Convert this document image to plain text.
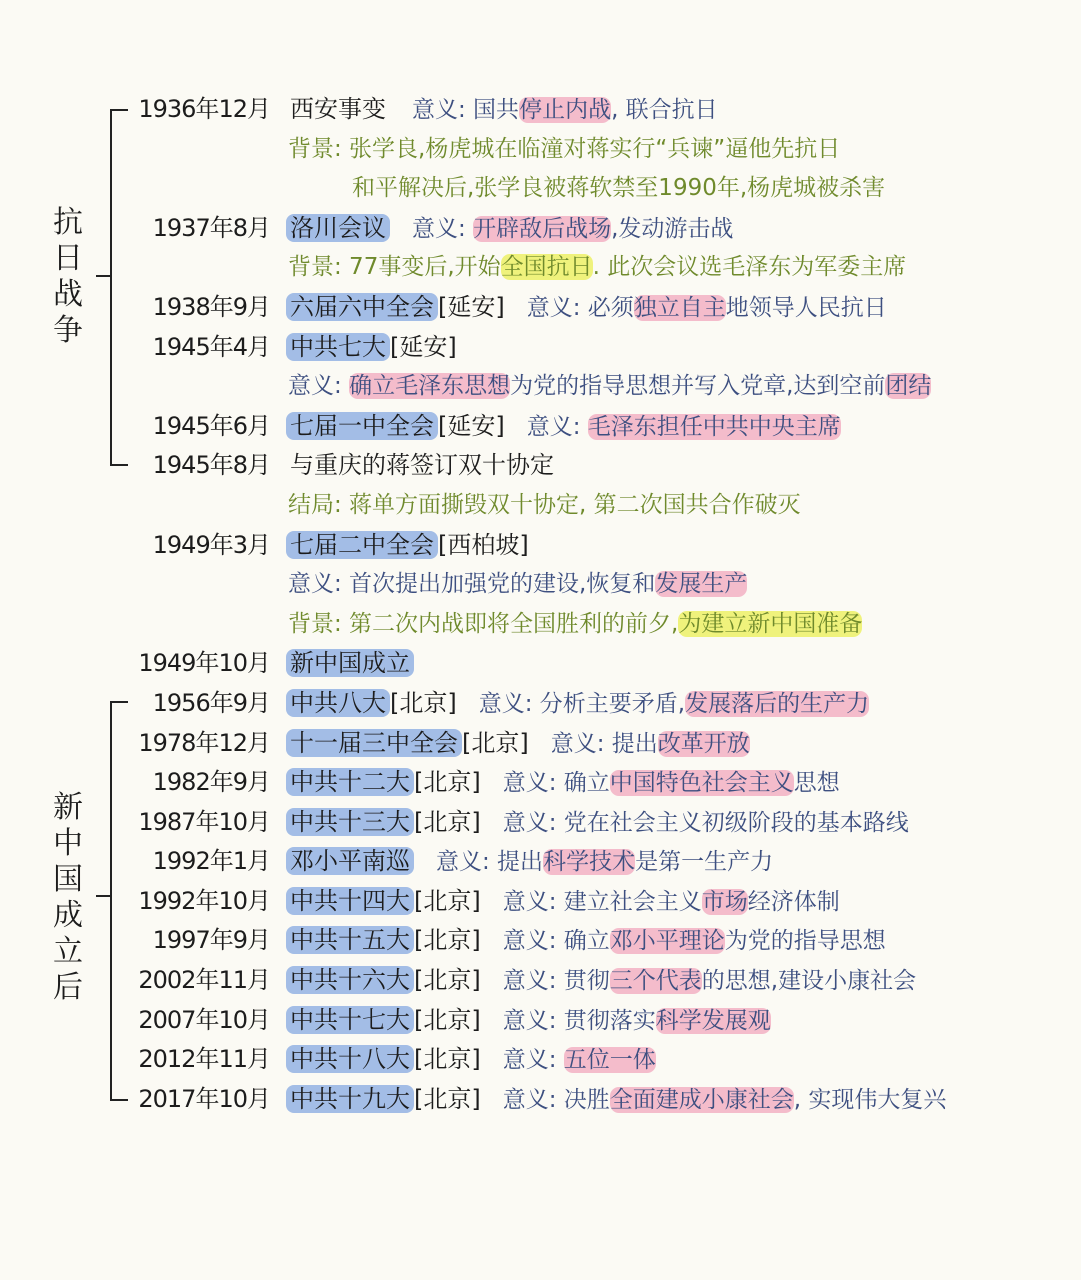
抗
日
战
争
新
中
国
成
立
后
1936年12月 西安事变 意义: 国共停止内战, 联合抗日
背景: 张学良,杨虎城在临潼对蒋实行“兵谏”逼他先抗日
和平解决后,张学良被蒋软禁至1990年,杨虎城被杀害
1937年8月 洛川会议 意义: 开辟敌后战场,发动游击战
背景: 77事变后,开始全国抗日. 此次会议选毛泽东为军委主席
1938年9月 六届六中全会 [延安] 意义: 必须独立自主地领导人民抗日
1945年4月 中共七大 [延安]
意义: 确立毛泽东思想为党的指导思想并写入党章,达到空前团结
1945年6月 七届一中全会 [延安] 意义: 毛泽东担任中共中央主席
1945年8月 与重庆的蒋签订双十协定
结局: 蒋单方面撕毁双十协定, 第二次国共合作破灭
1949年3月 七届二中全会 [西柏坡]
意义: 首次提出加强党的建设,恢复和发展生产
背景: 第二次内战即将全国胜利的前夕,为建立新中国准备
1949年10月 新中国成立
1956年9月 中共八大 [北京] 意义: 分析主要矛盾,发展落后的生产力
1978年12月 十一届三中全会 [北京] 意义: 提出改革开放
1982年9月 中共十二大 [北京] 意义: 确立中国特色社会主义思想
1987年10月 中共十三大 [北京] 意义: 党在社会主义初级阶段的基本路线
1992年1月 邓小平南巡 意义: 提出科学技术是第一生产力
1992年10月 中共十四大 [北京] 意义: 建立社会主义市场经济体制
1997年9月 中共十五大 [北京] 意义: 确立邓小平理论为党的指导思想
2002年11月 中共十六大 [北京] 意义: 贯彻三个代表的思想,建设小康社会
2007年10月 中共十七大 [北京] 意义: 贯彻落实科学发展观
2012年11月 中共十八大 [北京] 意义: 五位一体
2017年10月 中共十九大 [北京] 意义: 决胜全面建成小康社会, 实现伟大复兴
